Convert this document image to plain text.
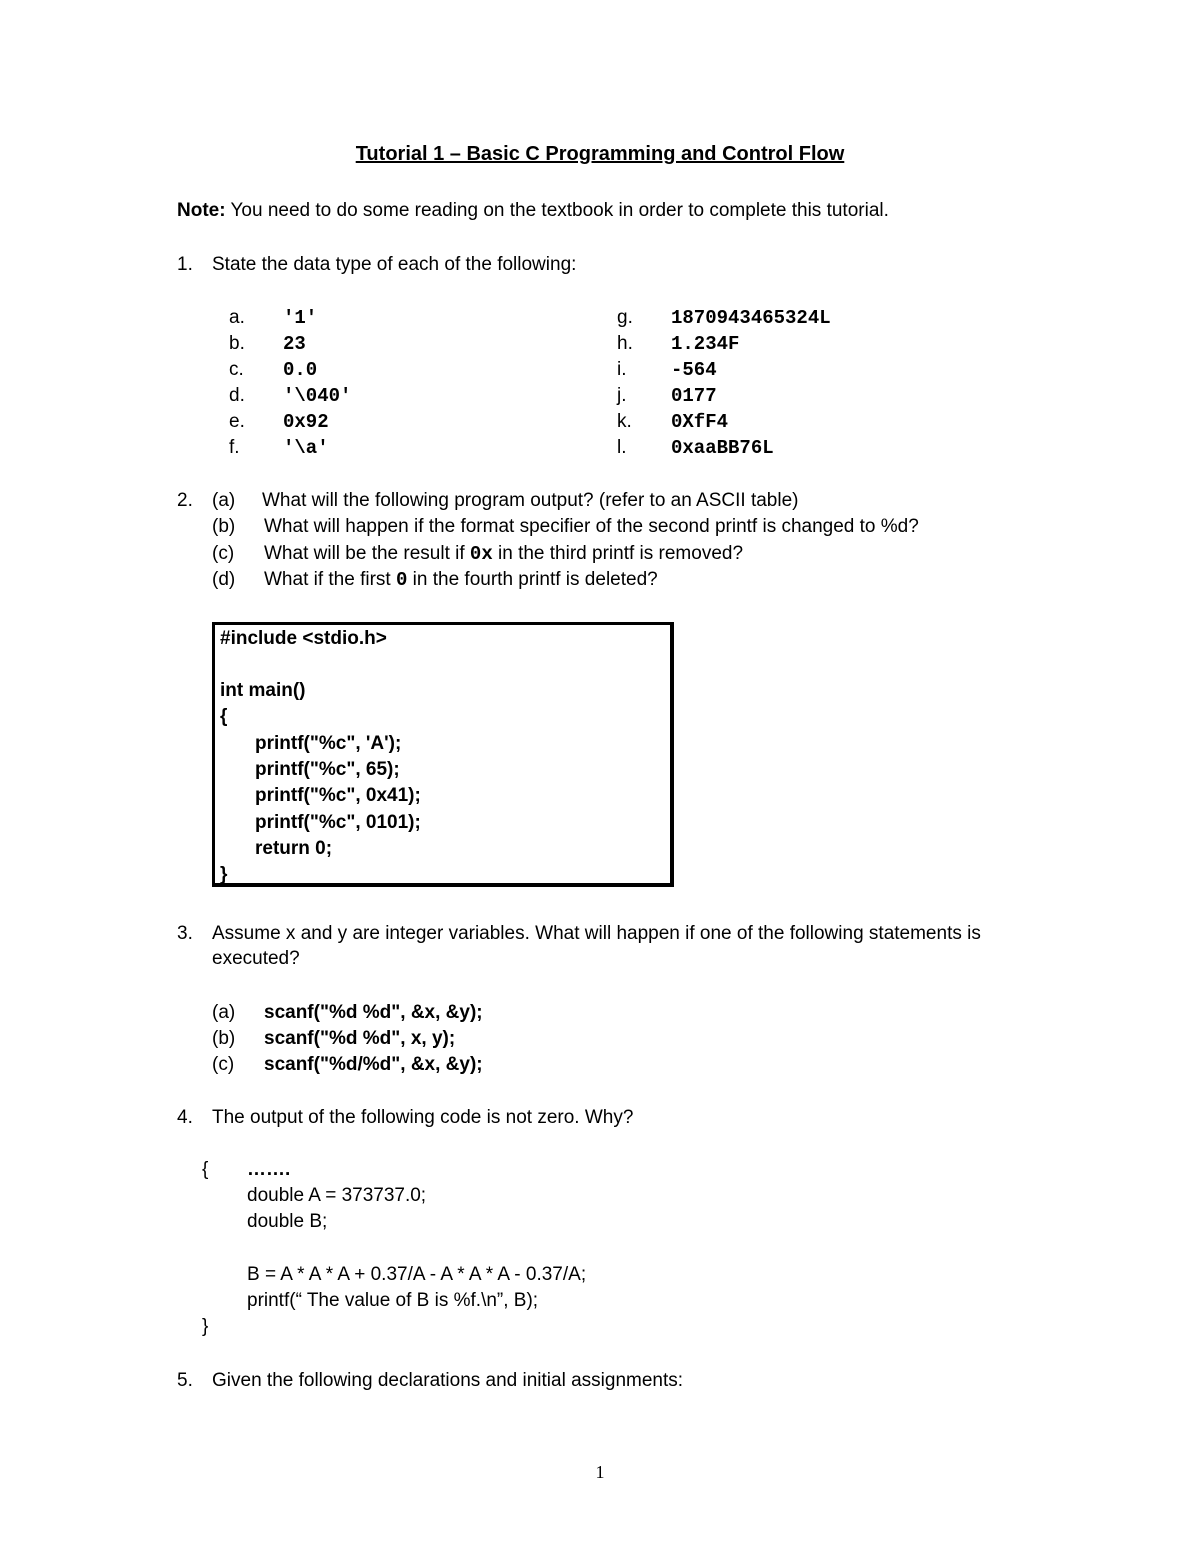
Tutorial 1 – Basic C Programming and Control Flow
Note: You need to do some reading on the textbook in order to complete this tutorial.
1. State the data type of each of the following:
a. '1'
b. 23
c. 0.0
d. '\040'
e. 0x92
f. '\a'
g. 1870943465324L
h. 1.234F
i. -564
j. 0177
k. 0XfF4
l. 0xaaBB76L
2. (a) What will the following program output? (refer to an ASCII table)
(b) What will happen if the format specifier of the second printf is changed to %d?
(c) What will be the result if 0x in the third printf is removed?
(d) What if the first 0 in the fourth printf is deleted?
#include <stdio.h>
int main()
{
printf("%c", 'A');
printf("%c", 65);
printf("%c", 0x41);
printf("%c", 0101);
return 0;
}
3. Assume x and y are integer variables. What will happen if one of the following statements is
executed?
(a) scanf("%d %d", &x, &y);
(b) scanf("%d %d", x, y);
(c) scanf("%d/%d", &x, &y);
4. The output of the following code is not zero. Why?
{ …….
double A = 373737.0;
double B;
B = A * A * A + 0.37/A - A * A * A - 0.37/A;
printf(“ The value of B is %f.\n”, B);
}
5. Given the following declarations and initial assignments:
1
